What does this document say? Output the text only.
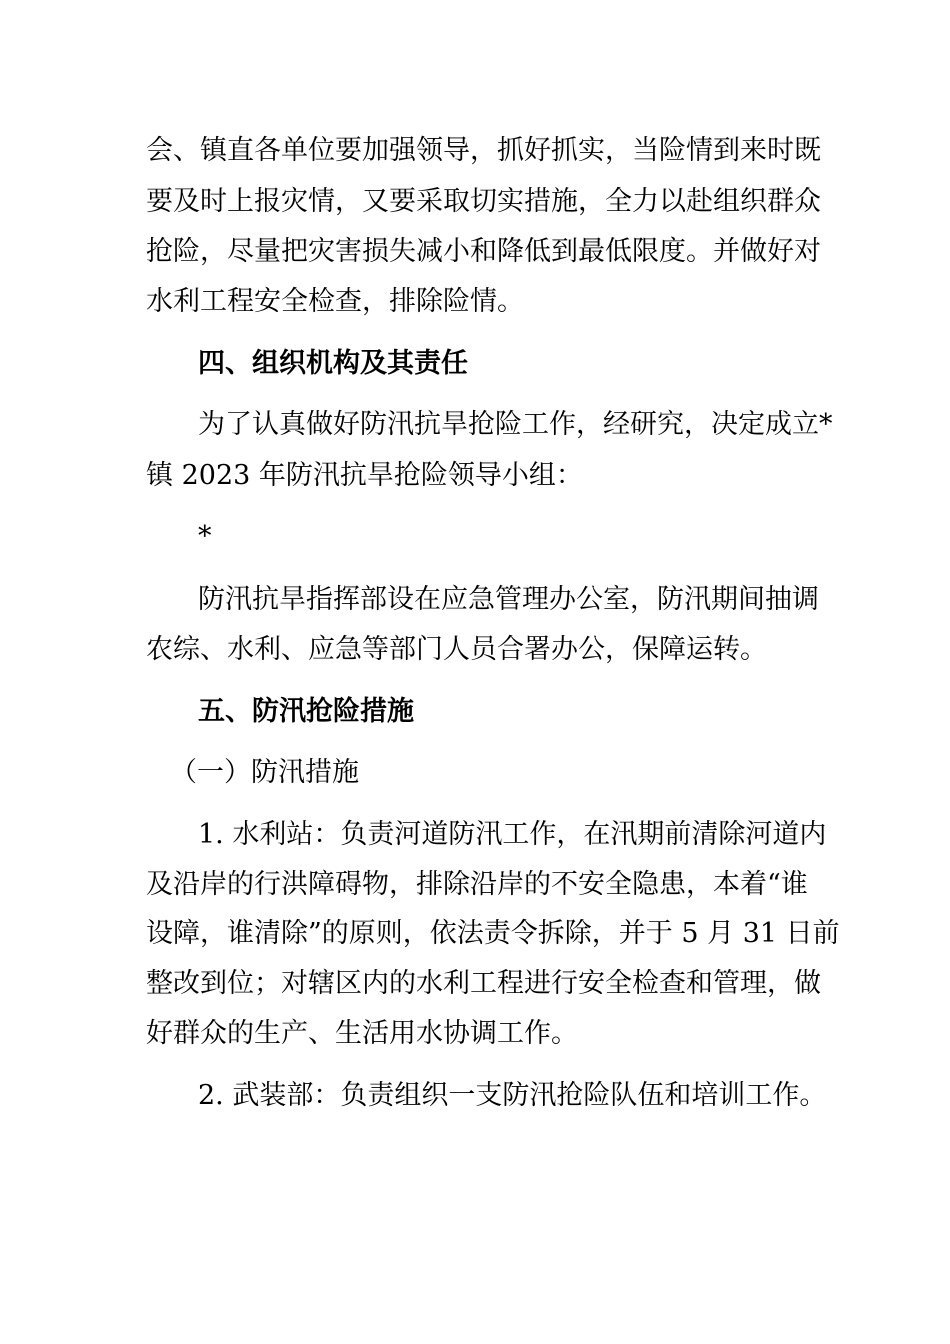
会、镇直各单位要加强领导，抓好抓实，当险情到来时既
要及时上报灾情，又要采取切实措施，全力以赴组织群众
抢险，尽量把灾害损失减小和降低到最低限度。并做好对
水利工程安全检查，排除险情。
四、组织机构及其责任
为了认真做好防汛抗旱抢险工作，经研究，决定成立*
镇 2023 年防汛抗旱抢险领导小组：
*
防汛抗旱指挥部设在应急管理办公室，防汛期间抽调
农综、水利、应急等部门人员合署办公，保障运转。
五、防汛抢险措施
（一）防汛措施
1. 水利站：负责河道防汛工作，在汛期前清除河道内
及沿岸的行洪障碍物，排除沿岸的不安全隐患，本着“谁
设障，谁清除”的原则，依法责令拆除，并于 5 月 31 日前
整改到位；对辖区内的水利工程进行安全检查和管理，做
好群众的生产、生活用水协调工作。
2. 武装部：负责组织一支防汛抢险队伍和培训工作。
